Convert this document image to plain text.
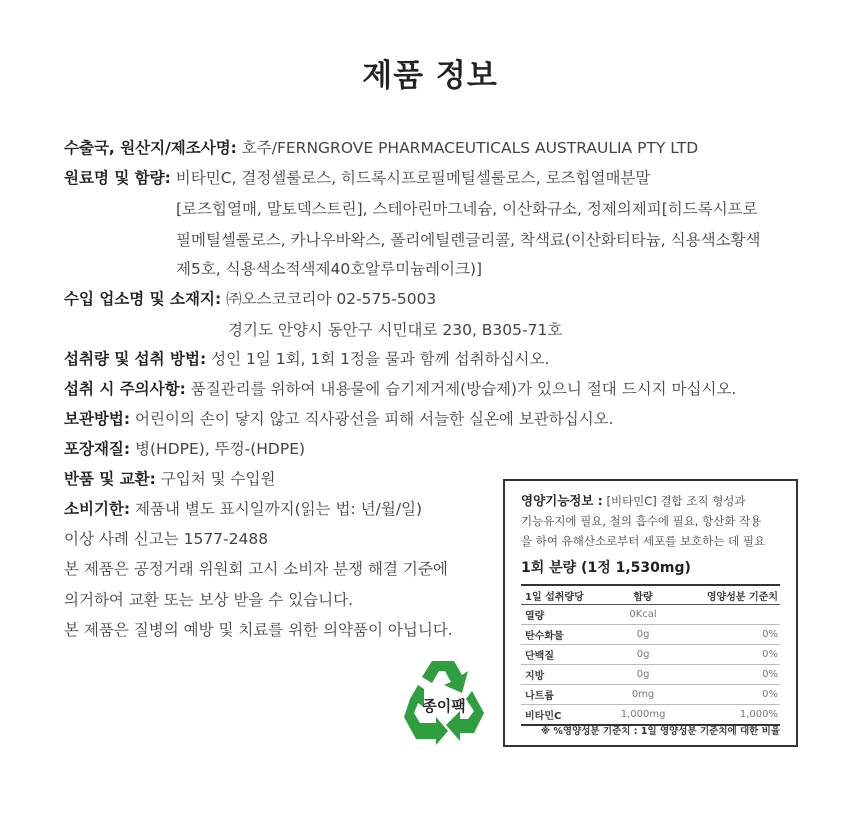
제품 정보
수출국, 원산지/제조사명: 호주/FERNGROVE PHARMACEUTICALS AUSTRAULIA PTY LTD
원료명 및 함량: 비타민C, 결정셀룰로스, 히드록시프로필메틸셀룰로스, 로즈힙열매분말
[로즈힙열매, 말토덱스트린], 스테아린마그네슘, 이산화규소, 정제의제피[히드록시프로
필메틸셀룰로스, 카나우바왁스, 폴리에틸렌글리콜, 착색료(이산화티타늄, 식용색소황색
제5호, 식용색소적색제40호알루미늄레이크)]
수입 업소명 및 소재지: ㈜오스코코리아 02-575-5003
경기도 안양시 동안구 시민대로 230, B305-71호
섭취량 및 섭취 방법: 성인 1일 1회, 1회 1정을 물과 함께 섭취하십시오.
섭취 시 주의사항: 품질관리를 위하여 내용물에 습기제거제(방습제)가 있으니 절대 드시지 마십시오.
보관방법: 어린이의 손이 닿지 않고 직사광선을 피해 서늘한 실온에 보관하십시오.
포장재질: 병(HDPE), 뚜껑-(HDPE)
반품 및 교환: 구입처 및 수입원
소비기한: 제품내 별도 표시일까지(읽는 법: 년/월/일)
이상 사례 신고는 1577-2488
본 제품은 공정거래 위원회 고시 소비자 분쟁 해결 기준에
의거하여 교환 또는 보상 받을 수 있습니다.
본 제품은 질병의 예방 및 치료를 위한 의약품이 아닙니다.
종이팩
영양기능정보 : [비타민C] 결합 조직 형성과
기능유지에 필요, 철의 흡수에 필요, 항산화 작용
을 하여 유해산소로부터 세포를 보호하는 데 필요
1회 분량 (1정 1,530mg)
1일 섭취량당	함량	영양성분 기준치
열량	0Kcal	
탄수화물	0g	0%
단백질	0g	0%
지방	0g	0%
나트륨	0mg	0%
비타민C	1,000mg	1,000%
※ %영양성분 기준치 : 1일 영양성분 기준치에 대한 비율
